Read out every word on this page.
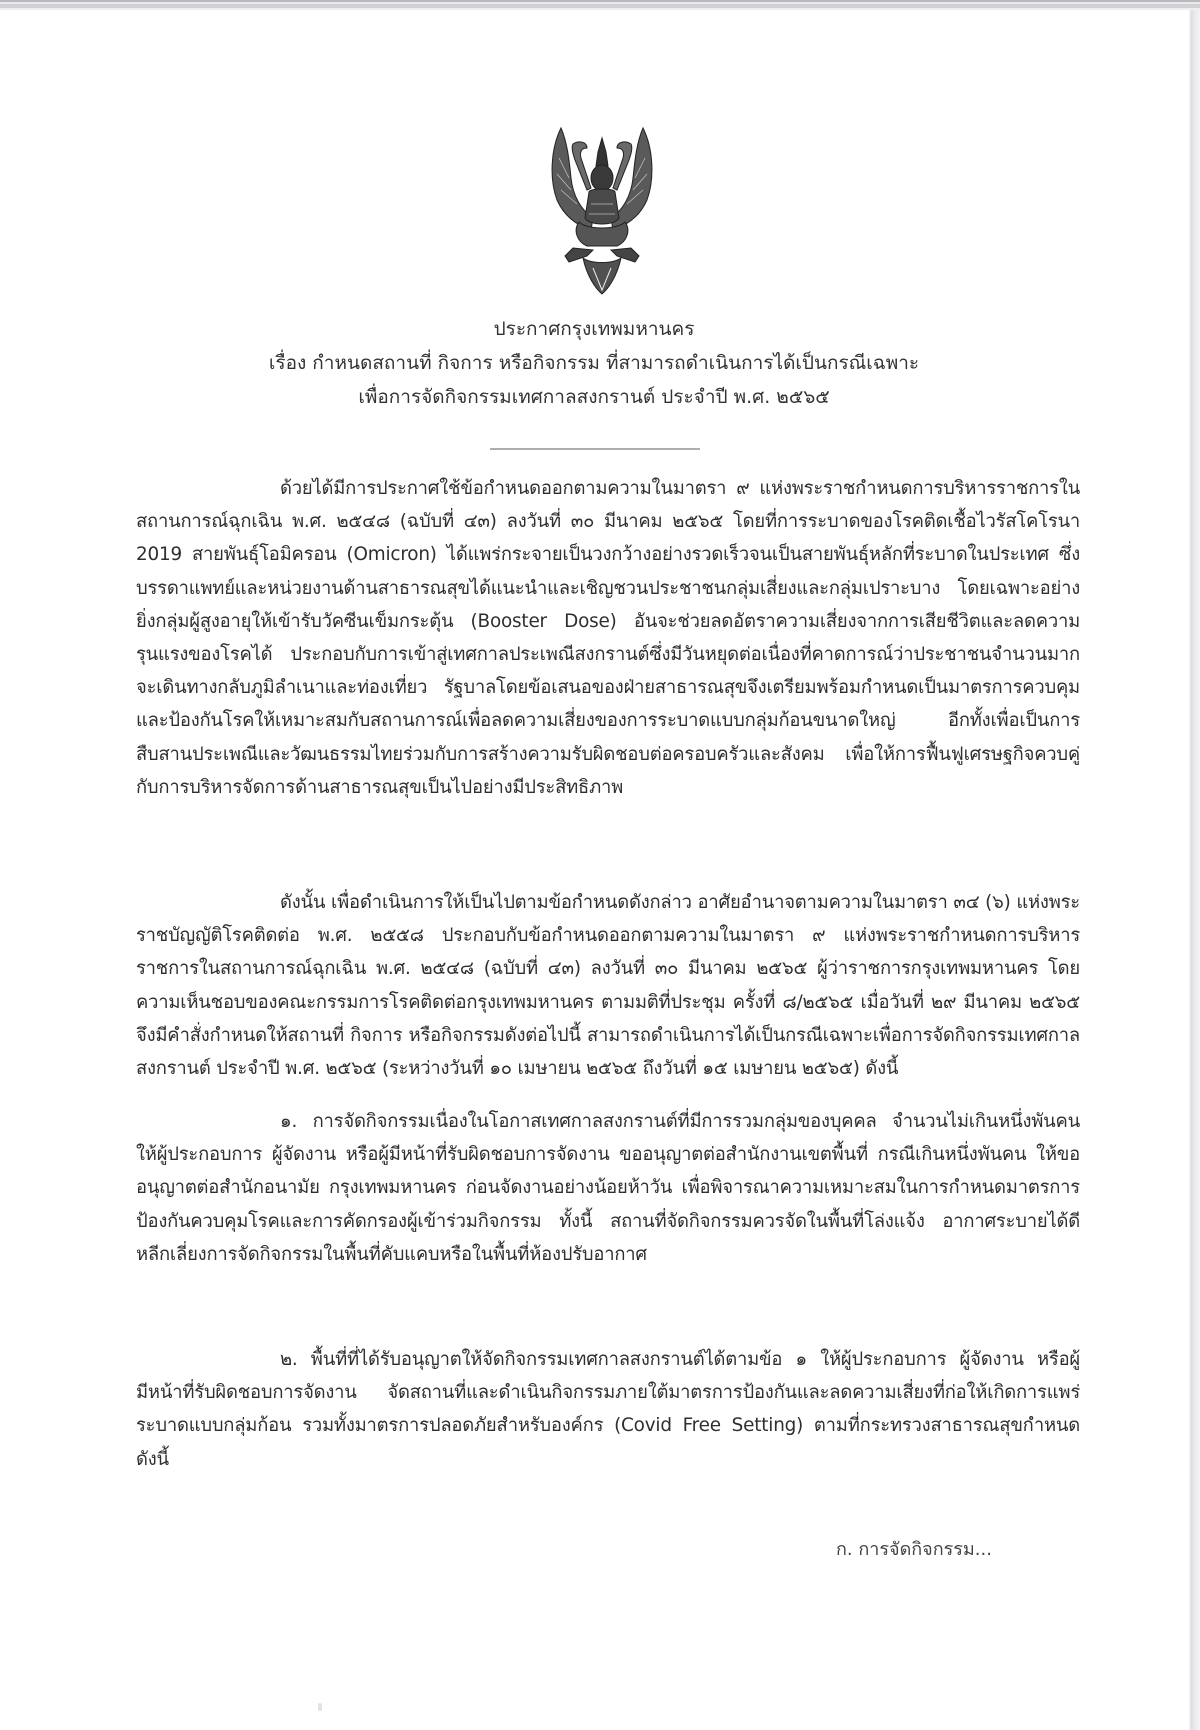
ประกาศกรุงเทพมหานคร
เรื่อง กำหนดสถานที่ กิจการ หรือกิจกรรม ที่สามารถดำเนินการได้เป็นกรณีเฉพาะ
เพื่อการจัดกิจกรรมเทศกาลสงกรานต์ ประจำปี พ.ศ. ๒๕๖๕
ด้วยได้มีการประกาศใช้ข้อกำหนดออกตามความในมาตรา ๙ แห่งพระราชกำหนดการบริหารราชการในสถานการณ์ฉุกเฉิน พ.ศ. ๒๕๔๘ (ฉบับที่ ๔๓) ลงวันที่ ๓๐ มีนาคม ๒๕๖๕ โดยที่การระบาดของโรคติดเชื้อไวรัสโคโรนา 2019 สายพันธุ์โอมิครอน (Omicron) ได้แพร่กระจายเป็นวงกว้างอย่างรวดเร็วจนเป็นสายพันธุ์หลักที่ระบาดในประเทศ ซึ่งบรรดาแพทย์และหน่วยงานด้านสาธารณสุขได้แนะนำและเชิญชวนประชาชนกลุ่มเสี่ยงและกลุ่มเปราะบาง โดยเฉพาะอย่างยิ่งกลุ่มผู้สูงอายุให้เข้ารับวัคซีนเข็มกระตุ้น (Booster Dose) อันจะช่วยลดอัตราความเสี่ยงจากการเสียชีวิตและลดความรุนแรงของโรคได้ ประกอบกับการเข้าสู่เทศกาลประเพณีสงกรานต์ซึ่งมีวันหยุดต่อเนื่องที่คาดการณ์ว่าประชาชนจำนวนมากจะเดินทางกลับภูมิลำเนาและท่องเที่ยว รัฐบาลโดยข้อเสนอของฝ่ายสาธารณสุขจึงเตรียมพร้อมกำหนดเป็นมาตรการควบคุมและป้องกันโรคให้เหมาะสมกับสถานการณ์เพื่อลดความเสี่ยงของการระบาดแบบกลุ่มก้อนขนาดใหญ่ อีกทั้งเพื่อเป็นการสืบสานประเพณีและวัฒนธรรมไทยร่วมกับการสร้างความรับผิดชอบต่อครอบครัวและสังคม เพื่อให้การฟื้นฟูเศรษฐกิจควบคู่กับการบริหารจัดการด้านสาธารณสุขเป็นไปอย่างมีประสิทธิภาพ
ดังนั้น เพื่อดำเนินการให้เป็นไปตามข้อกำหนดดังกล่าว อาศัยอำนาจตามความในมาตรา ๓๔ (๖) แห่งพระราชบัญญัติโรคติดต่อ พ.ศ. ๒๕๕๘ ประกอบกับข้อกำหนดออกตามความในมาตรา ๙ แห่งพระราชกำหนดการบริหารราชการในสถานการณ์ฉุกเฉิน พ.ศ. ๒๕๔๘ (ฉบับที่ ๔๓) ลงวันที่ ๓๐ มีนาคม ๒๕๖๕ ผู้ว่าราชการกรุงเทพมหานคร โดยความเห็นชอบของคณะกรรมการโรคติดต่อกรุงเทพมหานคร ตามมติที่ประชุม ครั้งที่ ๘/๒๕๖๕ เมื่อวันที่ ๒๙ มีนาคม ๒๕๖๕ จึงมีคำสั่งกำหนดให้สถานที่ กิจการ หรือกิจกรรมดังต่อไปนี้ สามารถดำเนินการได้เป็นกรณีเฉพาะเพื่อการจัดกิจกรรมเทศกาลสงกรานต์ ประจำปี พ.ศ. ๒๕๖๕ (ระหว่างวันที่ ๑๐ เมษายน ๒๕๖๕ ถึงวันที่ ๑๕ เมษายน ๒๕๖๕) ดังนี้
๑. การจัดกิจกรรมเนื่องในโอกาสเทศกาลสงกรานต์ที่มีการรวมกลุ่มของบุคคล จำนวนไม่เกินหนึ่งพันคน ให้ผู้ประกอบการ ผู้จัดงาน หรือผู้มีหน้าที่รับผิดชอบการจัดงาน ขออนุญาตต่อสำนักงานเขตพื้นที่ กรณีเกินหนึ่งพันคน ให้ขออนุญาตต่อสำนักอนามัย กรุงเทพมหานคร ก่อนจัดงานอย่างน้อยห้าวัน เพื่อพิจารณาความเหมาะสมในการกำหนดมาตรการป้องกันควบคุมโรคและการคัดกรองผู้เข้าร่วมกิจกรรม ทั้งนี้ สถานที่จัดกิจกรรมควรจัดในพื้นที่โล่งแจ้ง อากาศระบายได้ดี หลีกเลี่ยงการจัดกิจกรรมในพื้นที่คับแคบหรือในพื้นที่ห้องปรับอากาศ
๒. พื้นที่ที่ได้รับอนุญาตให้จัดกิจกรรมเทศกาลสงกรานต์ได้ตามข้อ ๑ ให้ผู้ประกอบการ ผู้จัดงาน หรือผู้มีหน้าที่รับผิดชอบการจัดงาน จัดสถานที่และดำเนินกิจกรรมภายใต้มาตรการป้องกันและลดความเสี่ยงที่ก่อให้เกิดการแพร่ระบาดแบบกลุ่มก้อน รวมทั้งมาตรการปลอดภัยสำหรับองค์กร (Covid Free Setting) ตามที่กระทรวงสาธารณสุขกำหนด ดังนี้
ก. การจัดกิจกรรม...
